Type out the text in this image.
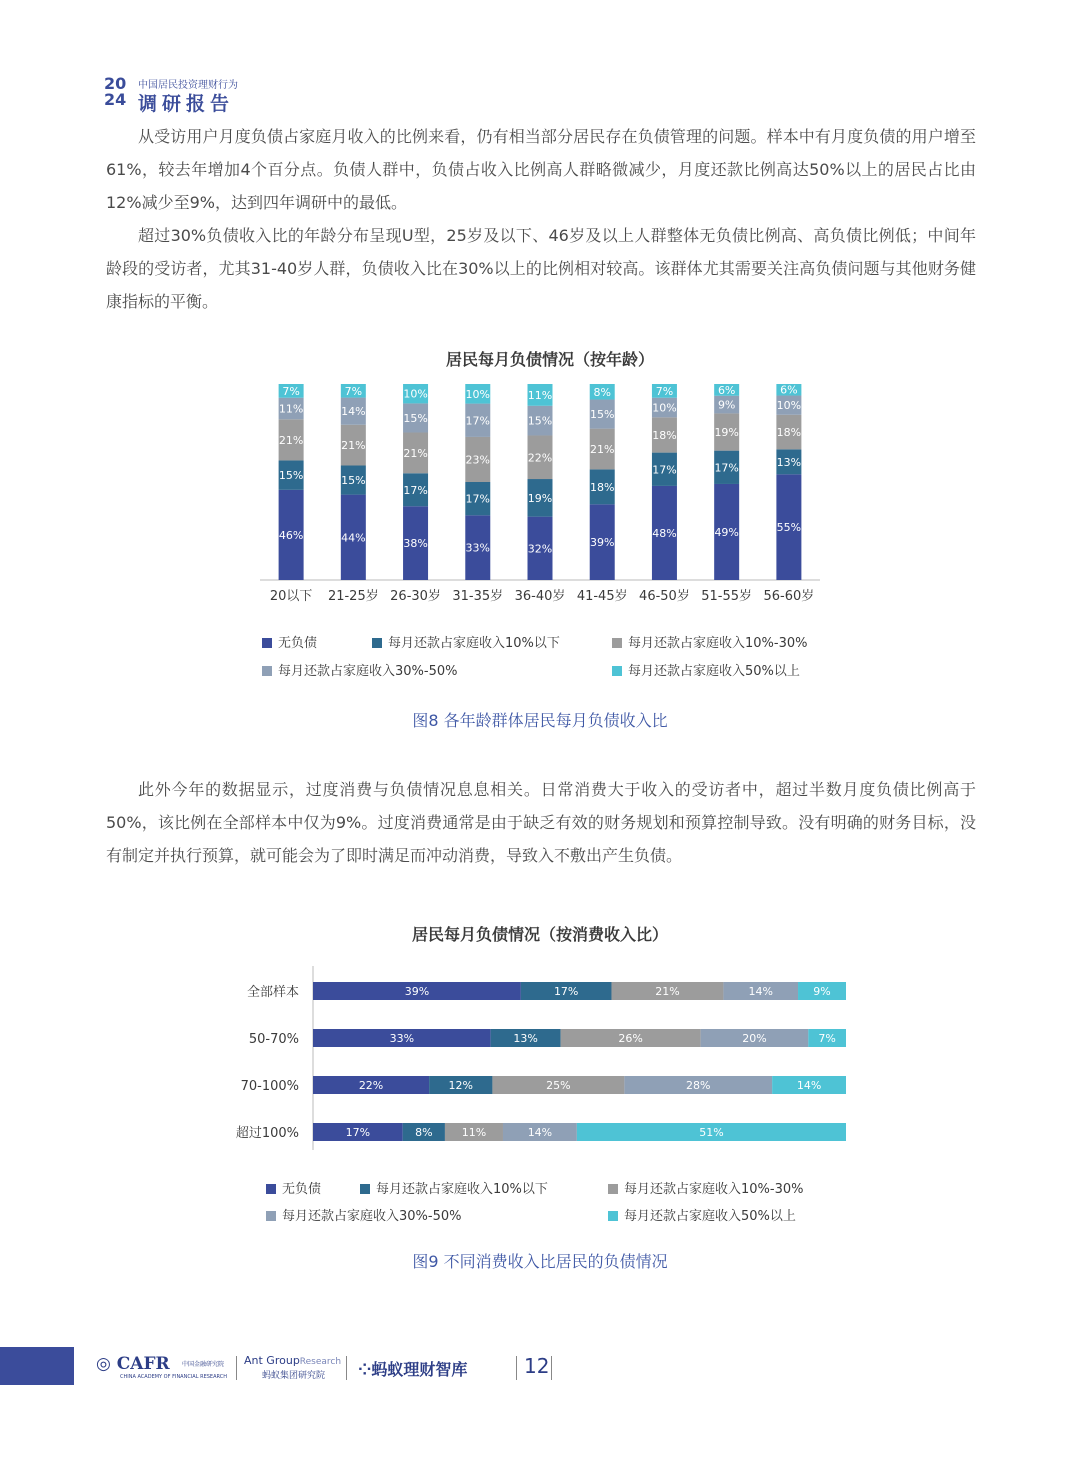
20
24
中国居民投资理财行为
调研报告

从受访用户月度负债占家庭月收入的比例来看，仍有相当部分居民存在负债管理的问题。样本中有月度负债的用户增至61%，较去年增加4个百分点。负债人群中，负债占收入比例高人群略微减少，月度还款比例高达50%以上的居民占比由12%减少至9%，达到四年调研中的最低。

超过30%负债收入比的年龄分布呈现U型，25岁及以下、46岁及以上人群整体无负债比例高、高负债比例低；中间年龄段的受访者，尤其31-40岁人群，负债收入比在30%以上的比例相对较高。该群体尤其需要关注高负债问题与其他财务健康指标的平衡。

居民每月负债情况（按年龄）
46%
15%
21%
11%
7%
20以下
44%
15%
21%
14%
7%
21-25岁
38%
17%
21%
15%
10%
26-30岁
33%
17%
23%
17%
10%
31-35岁
32%
19%
22%
15%
11%
36-40岁
39%
18%
21%
15%
8%
41-45岁
48%
17%
18%
10%
7%
46-50岁
49%
17%
19%
9%
6%
51-55岁
55%
13%
18%
10%
6%
56-60岁
无负债	每月还款占家庭收入10%以下	每月还款占家庭收入10%-30%
每月还款占家庭收入30%-50%	每月还款占家庭收入50%以上
图8 各年龄群体居民每月负债收入比

此外今年的数据显示，过度消费与负债情况息息相关。日常消费大于收入的受访者中，超过半数月度负债比例高于50%，该比例在全部样本中仅为9%。过度消费通常是由于缺乏有效的财务规划和预算控制导致。没有明确的财务目标，没有制定并执行预算，就可能会为了即时满足而冲动消费，导致入不敷出产生负债。

居民每月负债情况（按消费收入比）
39%	17%	21%	14%	9%
全部样本
33%	13%	26%	20%	7%
50-70%
22%	12%	25%	28%	14%
70-100%
17%	8%	11%	14%	51%
超过100%
无负债	每月还款占家庭收入10%以下	每月还款占家庭收入10%-30%
每月还款占家庭收入30%-50%	每月还款占家庭收入50%以上
图9 不同消费收入比居民的负债情况
◎ CAFR 中国金融研究院
CHINA ACADEMY OF FINANCIAL RESEARCH
Ant GroupResearch
蚂蚁集团研究院 ⁘蚂蚁理财智库	12
